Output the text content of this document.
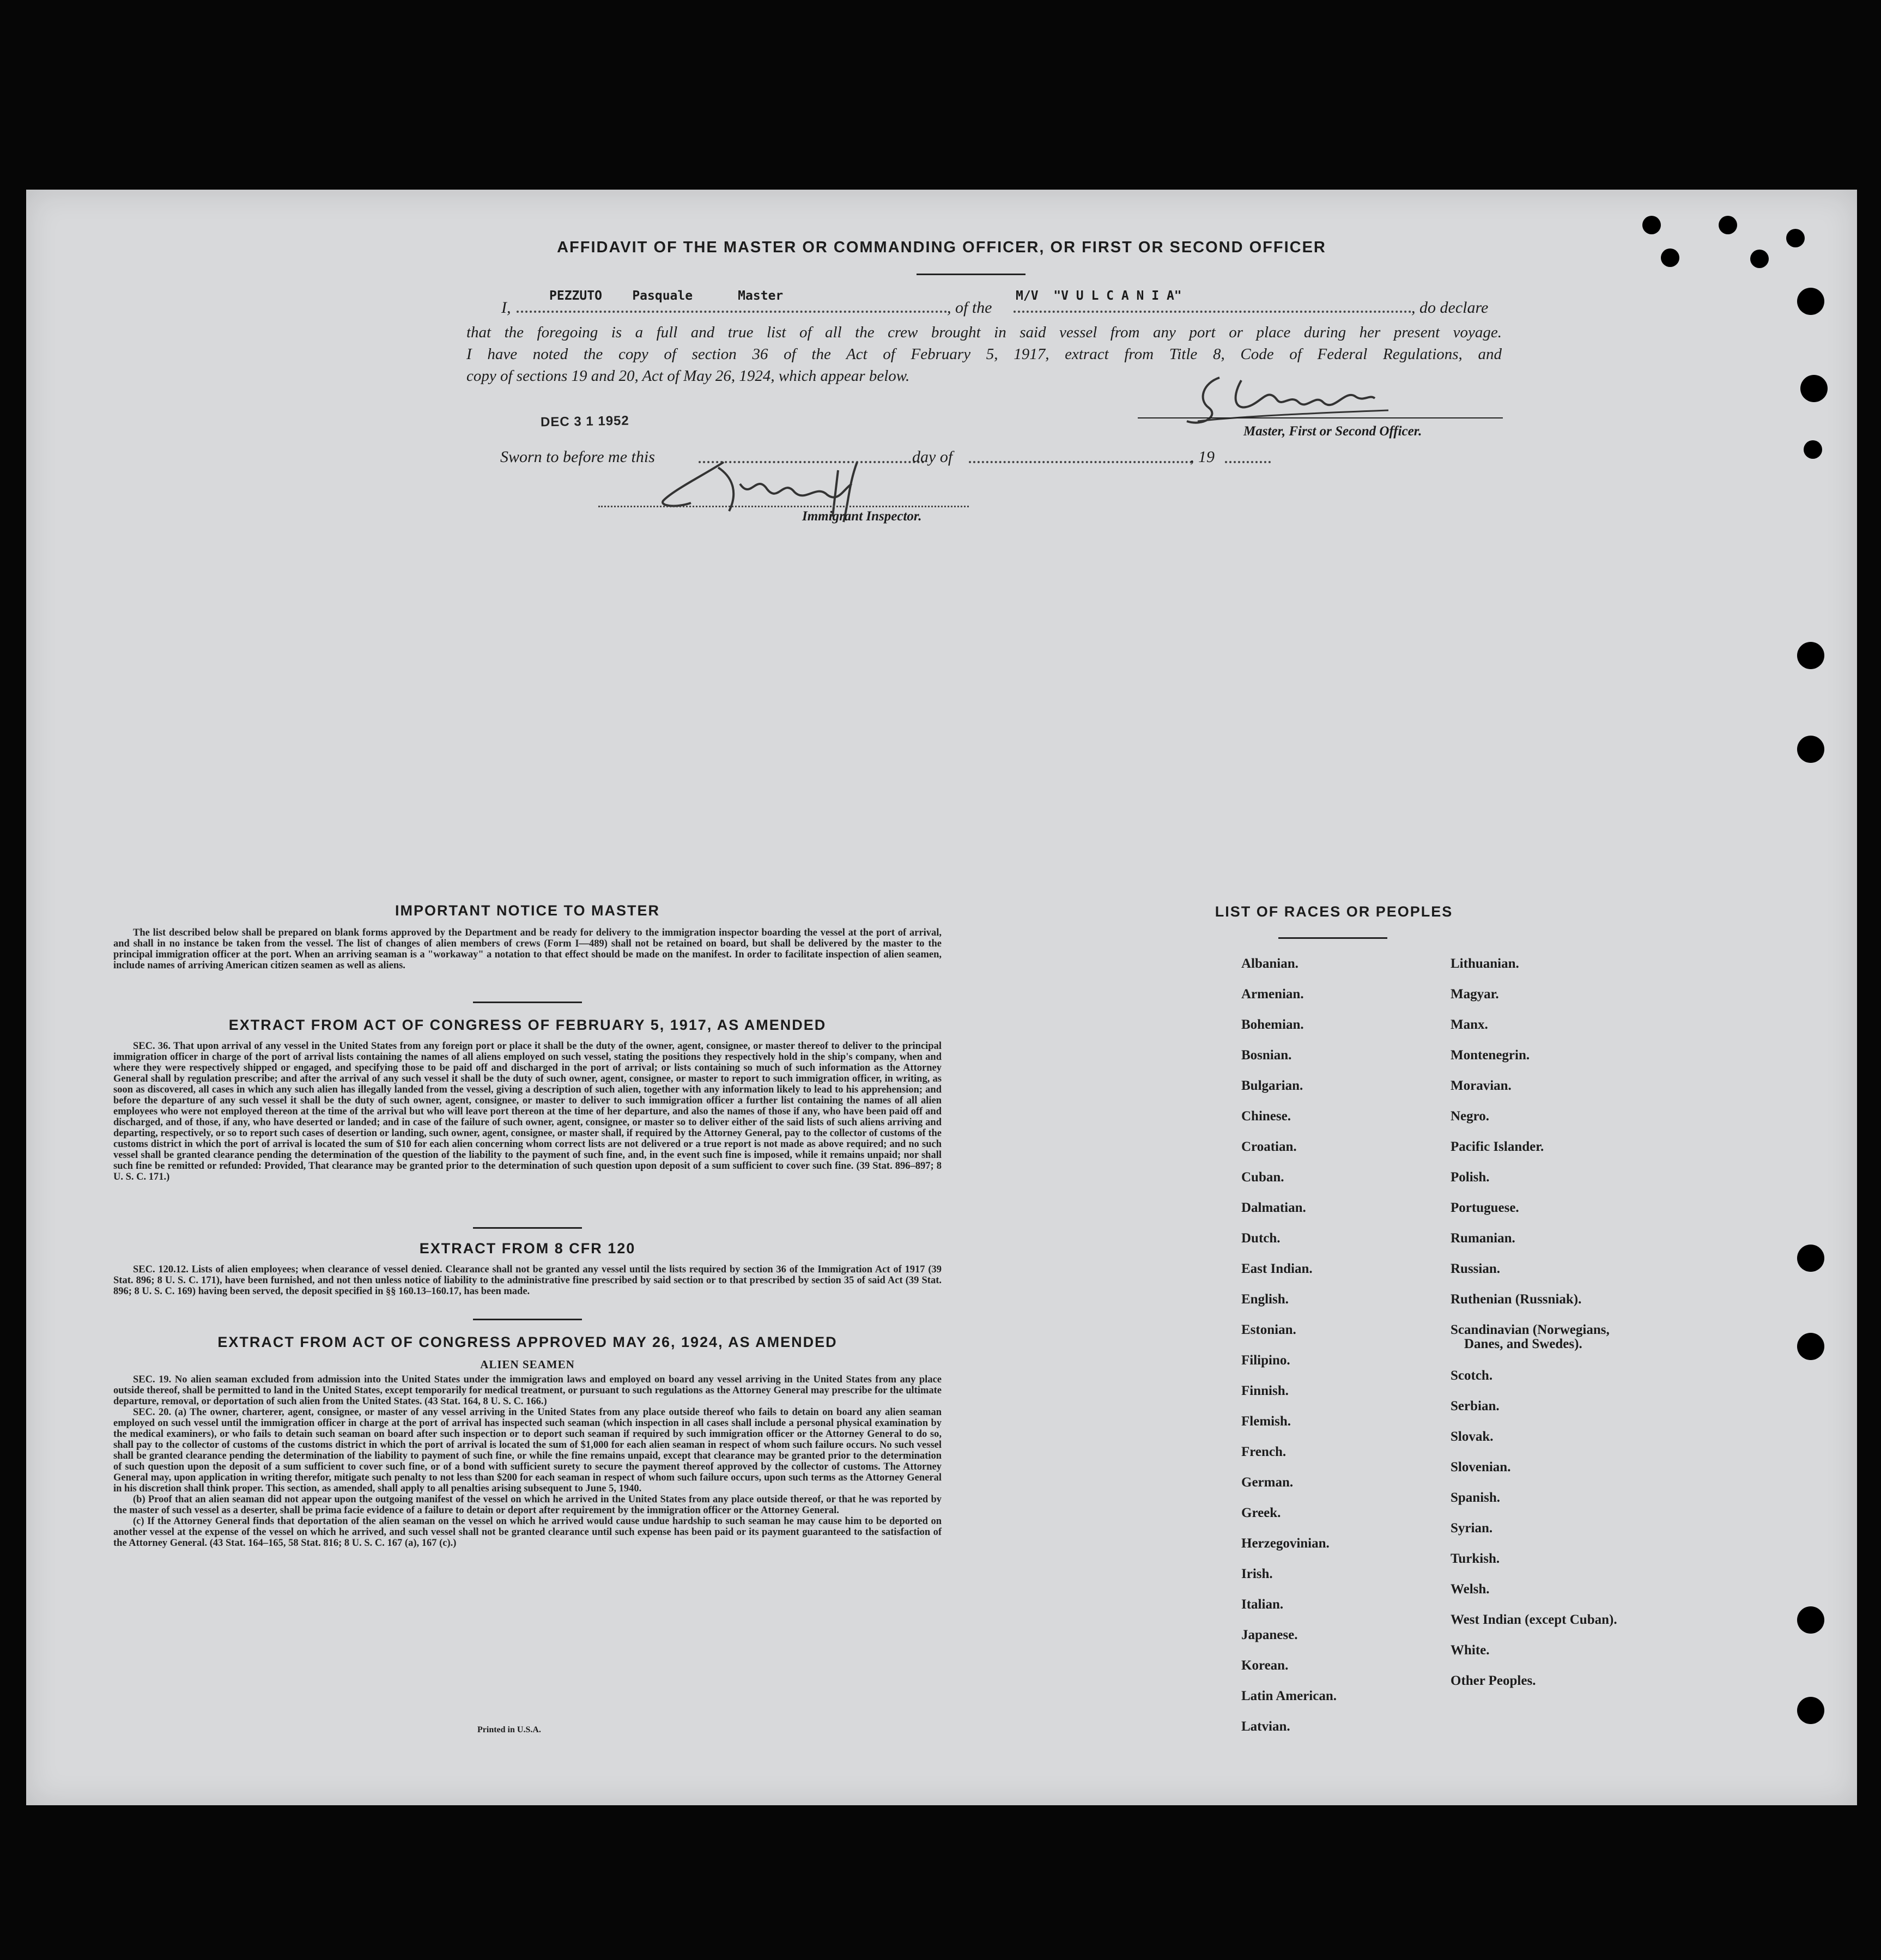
AFFIDAVIT OF THE MASTER OR COMMANDING OFFICER, OR FIRST OR SECOND OFFICER
I,
PEZZUTO    Pasquale      Master
, of the
M/V  "V U L C A N I A"
, do declare
that the foregoing is a full and true list of all the crew brought in said vessel from any port or place during her present voyage.
I have noted the copy of section 36 of the Act of February 5, 1917, extract from Title 8, Code of Federal Regulations, and
copy of sections 19 and 20, Act of May 26, 1924, which appear below.
DEC 3 1 1952
Master, First or Second Officer.
Sworn to before me this	day of	, 19
Immigrant Inspector.
IMPORTANT NOTICE TO MASTER

The list described below shall be prepared on blank forms approved by the Department and be ready for delivery to the immigration inspector boarding the vessel at the port of arrival, and shall in no instance be taken from the vessel. The list of changes of alien members of crews (Form I—489) shall not be retained on board, but shall be delivered by the master to the principal immigration officer at the port. When an arriving seaman is a "workaway" a notation to that effect should be made on the manifest. In order to facilitate inspection of alien seamen, include names of arriving American citizen seamen as well as aliens.

EXTRACT FROM ACT OF CONGRESS OF FEBRUARY 5, 1917, AS AMENDED

SEC. 36. That upon arrival of any vessel in the United States from any foreign port or place it shall be the duty of the owner, agent, consignee, or master thereof to deliver to the principal immigration officer in charge of the port of arrival lists containing the names of all aliens employed on such vessel, stating the positions they respectively hold in the ship's company, when and where they were respectively shipped or engaged, and specifying those to be paid off and discharged in the port of arrival; or lists containing so much of such information as the Attorney General shall by regulation prescribe; and after the arrival of any such vessel it shall be the duty of such owner, agent, consignee, or master to report to such immigration officer, in writing, as soon as discovered, all cases in which any such alien has illegally landed from the vessel, giving a description of such alien, together with any information likely to lead to his apprehension; and before the departure of any such vessel it shall be the duty of such owner, agent, consignee, or master to deliver to such immigration officer a further list containing the names of all alien employees who were not employed thereon at the time of the arrival but who will leave port thereon at the time of her departure, and also the names of those if any, who have been paid off and discharged, and of those, if any, who have deserted or landed; and in case of the failure of such owner, agent, consignee, or master so to deliver either of the said lists of such aliens arriving and departing, respectively, or so to report such cases of desertion or landing, such owner, agent, consignee, or master shall, if required by the Attorney General, pay to the collector of customs of the customs district in which the port of arrival is located the sum of $10 for each alien concerning whom correct lists are not delivered or a true report is not made as above required; and no such vessel shall be granted clearance pending the determination of the question of the liability to the payment of such fine, and, in the event such fine is imposed, while it remains unpaid; nor shall such fine be remitted or refunded: Provided, That clearance may be granted prior to the determination of such question upon deposit of a sum sufficient to cover such fine. (39 Stat. 896–897; 8 U. S. C. 171.)

EXTRACT FROM 8 CFR 120

SEC. 120.12. Lists of alien employees; when clearance of vessel denied. Clearance shall not be granted any vessel until the lists required by section 36 of the Immigration Act of 1917 (39 Stat. 896; 8 U. S. C. 171), have been furnished, and not then unless notice of liability to the administrative fine prescribed by said section or to that prescribed by section 35 of said Act (39 Stat. 896; 8 U. S. C. 169) having been served, the deposit specified in §§ 160.13–160.17, has been made.

EXTRACT FROM ACT OF CONGRESS APPROVED MAY 26, 1924, AS AMENDED
ALIEN SEAMEN

SEC. 19. No alien seaman excluded from admission into the United States under the immigration laws and employed on board any vessel arriving in the United States from any place outside thereof, shall be permitted to land in the United States, except temporarily for medical treatment, or pursuant to such regulations as the Attorney General may prescribe for the ultimate departure, removal, or deportation of such alien from the United States. (43 Stat. 164, 8 U. S. C. 166.)

SEC. 20. (a) The owner, charterer, agent, consignee, or master of any vessel arriving in the United States from any place outside thereof who fails to detain on board any alien seaman employed on such vessel until the immigration officer in charge at the port of arrival has inspected such seaman (which inspection in all cases shall include a personal physical examination by the medical examiners), or who fails to detain such seaman on board after such inspection or to deport such seaman if required by such immigration officer or the Attorney General to do so, shall pay to the collector of customs of the customs district in which the port of arrival is located the sum of $1,000 for each alien seaman in respect of whom such failure occurs. No such vessel shall be granted clearance pending the determination of the liability to payment of such fine, or while the fine remains unpaid, except that clearance may be granted prior to the determination of such question upon the deposit of a sum sufficient to cover such fine, or of a bond with sufficient surety to secure the payment thereof approved by the collector of customs. The Attorney General may, upon application in writing therefor, mitigate such penalty to not less than $200 for each seaman in respect of whom such failure occurs, upon such terms as the Attorney General in his discretion shall think proper. This section, as amended, shall apply to all penalties arising subsequent to June 5, 1940.

(b) Proof that an alien seaman did not appear upon the outgoing manifest of the vessel on which he arrived in the United States from any place outside thereof, or that he was reported by the master of such vessel as a deserter, shall be prima facie evidence of a failure to detain or deport after requirement by the immigration officer or the Attorney General.

(c) If the Attorney General finds that deportation of the alien seaman on the vessel on which he arrived would cause undue hardship to such seaman he may cause him to be deported on another vessel at the expense of the vessel on which he arrived, and such vessel shall not be granted clearance until such expense has been paid or its payment guaranteed to the satisfaction of the Attorney General. (43 Stat. 164–165, 58 Stat. 816; 8 U. S. C. 167 (a), 167 (c).)

Printed in U.S.A.
LIST OF RACES OR PEOPLES
Albanian.
Armenian.
Bohemian.
Bosnian.
Bulgarian.
Chinese.
Croatian.
Cuban.
Dalmatian.
Dutch.
East Indian.
English.
Estonian.
Filipino.
Finnish.
Flemish.
French.
German.
Greek.
Herzegovinian.
Irish.
Italian.
Japanese.
Korean.
Latin American.
Latvian.
Lithuanian.
Magyar.
Manx.
Montenegrin.
Moravian.
Negro.
Pacific Islander.
Polish.
Portuguese.
Rumanian.
Russian.
Ruthenian (Russniak).
Scandinavian (Norwegians,
Danes, and Swedes).
Scotch.
Serbian.
Slovak.
Slovenian.
Spanish.
Syrian.
Turkish.
Welsh.
West Indian (except Cuban).
White.
Other Peoples.
